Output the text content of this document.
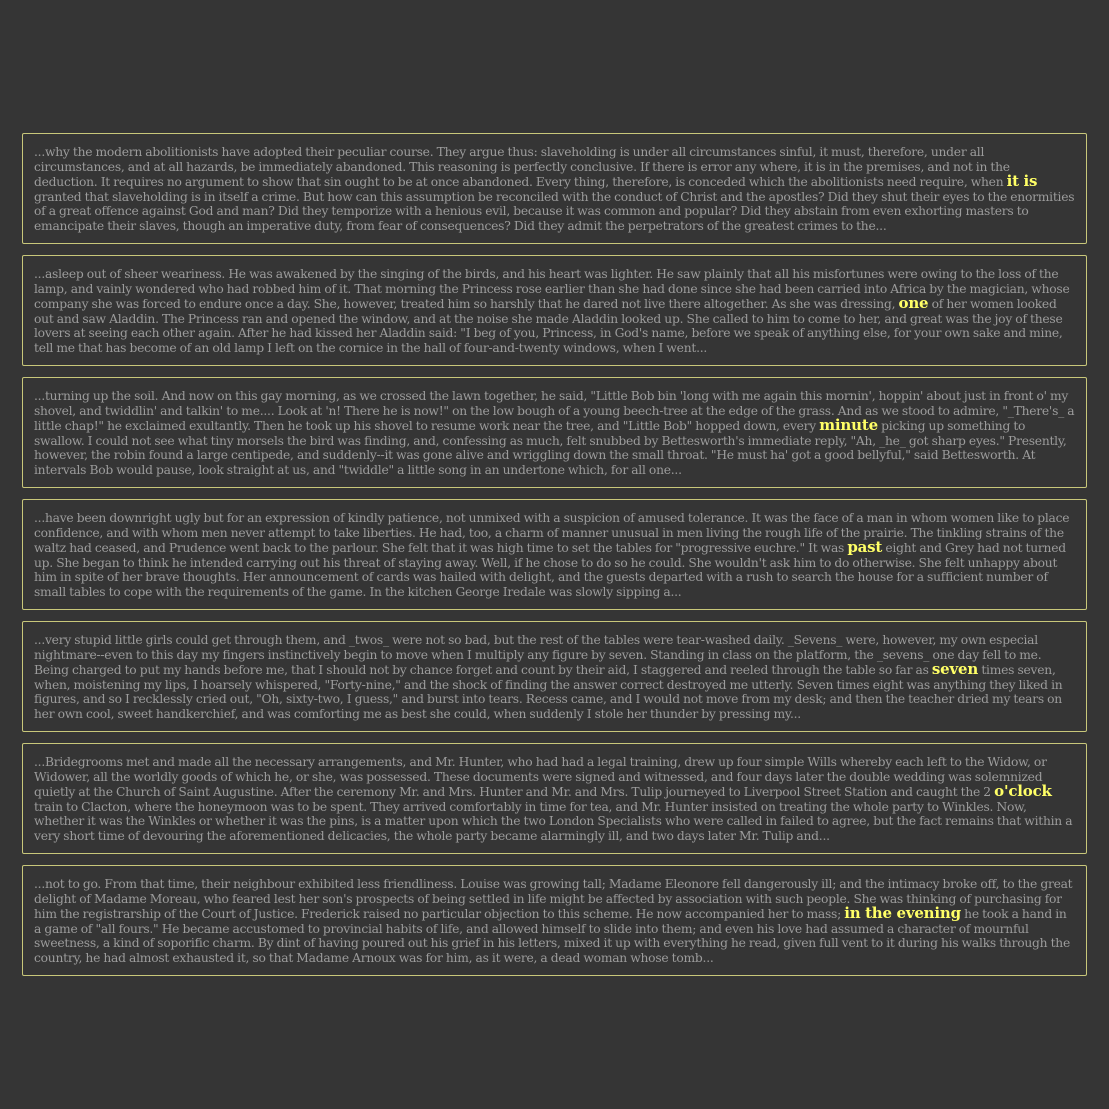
...why the modern abolitionists have adopted their peculiar course. They argue thus: slaveholding is under all circumstances sinful, it must, therefore, under all circumstances, and at all hazards, be immediately abandoned. This reasoning is perfectly conclusive. If there is error any where, it is in the premises, and not in the deduction. It requires no argument to show that sin ought to be at once abandoned. Every thing, therefore, is conceded which the abolitionists need require, when it is granted that slaveholding is in itself a crime. But how can this assumption be reconciled with the conduct of Christ and the apostles? Did they shut their eyes to the enormities of a great offence against God and man? Did they temporize with a henious evil, because it was common and popular? Did they abstain from even exhorting masters to emancipate their slaves, though an imperative duty, from fear of consequences? Did they admit the perpetrators of the greatest crimes to the...

...asleep out of sheer weariness. He was awakened by the singing of the birds, and his heart was lighter. He saw plainly that all his misfortunes were owing to the loss of the lamp, and vainly wondered who had robbed him of it. That morning the Princess rose earlier than she had done since she had been carried into Africa by the magician, whose company she was forced to endure once a day. She, however, treated him so harshly that he dared not live there altogether. As she was dressing, one of her women looked out and saw Aladdin. The Princess ran and opened the window, and at the noise she made Aladdin looked up. She called to him to come to her, and great was the joy of these lovers at seeing each other again. After he had kissed her Aladdin said: "I beg of you, Princess, in God's name, before we speak of anything else, for your own sake and mine, tell me that has become of an old lamp I left on the cornice in the hall of four-and-twenty windows, when I went...

...turning up the soil. And now on this gay morning, as we crossed the lawn together, he said, "Little Bob bin 'long with me again this mornin', hoppin' about just in front o' my shovel, and twiddlin' and talkin' to me.... Look at 'n! There he is now!" on the low bough of a young beech-tree at the edge of the grass. And as we stood to admire, "_There's_ a little chap!" he exclaimed exultantly. Then he took up his shovel to resume work near the tree, and "Little Bob" hopped down, every minute picking up something to swallow. I could not see what tiny morsels the bird was finding, and, confessing as much, felt snubbed by Bettesworth's immediate reply, "Ah, _he_ got sharp eyes." Presently, however, the robin found a large centipede, and suddenly--it was gone alive and wriggling down the small throat. "He must ha' got a good bellyful," said Bettesworth. At intervals Bob would pause, look straight at us, and "twiddle" a little song in an undertone which, for all one...

...have been downright ugly but for an expression of kindly patience, not unmixed with a suspicion of amused tolerance. It was the face of a man in whom women like to place confidence, and with whom men never attempt to take liberties. He had, too, a charm of manner unusual in men living the rough life of the prairie. The tinkling strains of the waltz had ceased, and Prudence went back to the parlour. She felt that it was high time to set the tables for "progressive euchre." It was past eight and Grey had not turned up. She began to think he intended carrying out his threat of staying away. Well, if he chose to do so he could. She wouldn't ask him to do otherwise. She felt unhappy about him in spite of her brave thoughts. Her announcement of cards was hailed with delight, and the guests departed with a rush to search the house for a sufficient number of small tables to cope with the requirements of the game. In the kitchen George Iredale was slowly sipping a...

...very stupid little girls could get through them, and _twos_ were not so bad, but the rest of the tables were tear-washed daily. _Sevens_ were, however, my own especial nightmare--even to this day my fingers instinctively begin to move when I multiply any figure by seven. Standing in class on the platform, the _sevens_ one day fell to me. Being charged to put my hands before me, that I should not by chance forget and count by their aid, I staggered and reeled through the table so far as seven times seven, when, moistening my lips, I hoarsely whispered, "Forty-nine," and the shock of finding the answer correct destroyed me utterly. Seven times eight was anything they liked in figures, and so I recklessly cried out, "Oh, sixty-two, I guess," and burst into tears. Recess came, and I would not move from my desk; and then the teacher dried my tears on her own cool, sweet handkerchief, and was comforting me as best she could, when suddenly I stole her thunder by pressing my...

...Bridegrooms met and made all the necessary arrangements, and Mr. Hunter, who had had a legal training, drew up four simple Wills whereby each left to the Widow, or Widower, all the worldly goods of which he, or she, was possessed. These documents were signed and witnessed, and four days later the double wedding was solemnized quietly at the Church of Saint Augustine. After the ceremony Mr. and Mrs. Hunter and Mr. and Mrs. Tulip journeyed to Liverpool Street Station and caught the 2 o'clock train to Clacton, where the honeymoon was to be spent. They arrived comfortably in time for tea, and Mr. Hunter insisted on treating the whole party to Winkles. Now, whether it was the Winkles or whether it was the pins, is a matter upon which the two London Specialists who were called in failed to agree, but the fact remains that within a very short time of devouring the aforementioned delicacies, the whole party became alarmingly ill, and two days later Mr. Tulip and...

...not to go. From that time, their neighbour exhibited less friendliness. Louise was growing tall; Madame Eleonore fell dangerously ill; and the intimacy broke off, to the great delight of Madame Moreau, who feared lest her son's prospects of being settled in life might be affected by association with such people. She was thinking of purchasing for him the registrarship of the Court of Justice. Frederick raised no particular objection to this scheme. He now accompanied her to mass; in the evening he took a hand in a game of "all fours." He became accustomed to provincial habits of life, and allowed himself to slide into them; and even his love had assumed a character of mournful sweetness, a kind of soporific charm. By dint of having poured out his grief in his letters, mixed it up with everything he read, given full vent to it during his walks through the country, he had almost exhausted it, so that Madame Arnoux was for him, as it were, a dead woman whose tomb...
